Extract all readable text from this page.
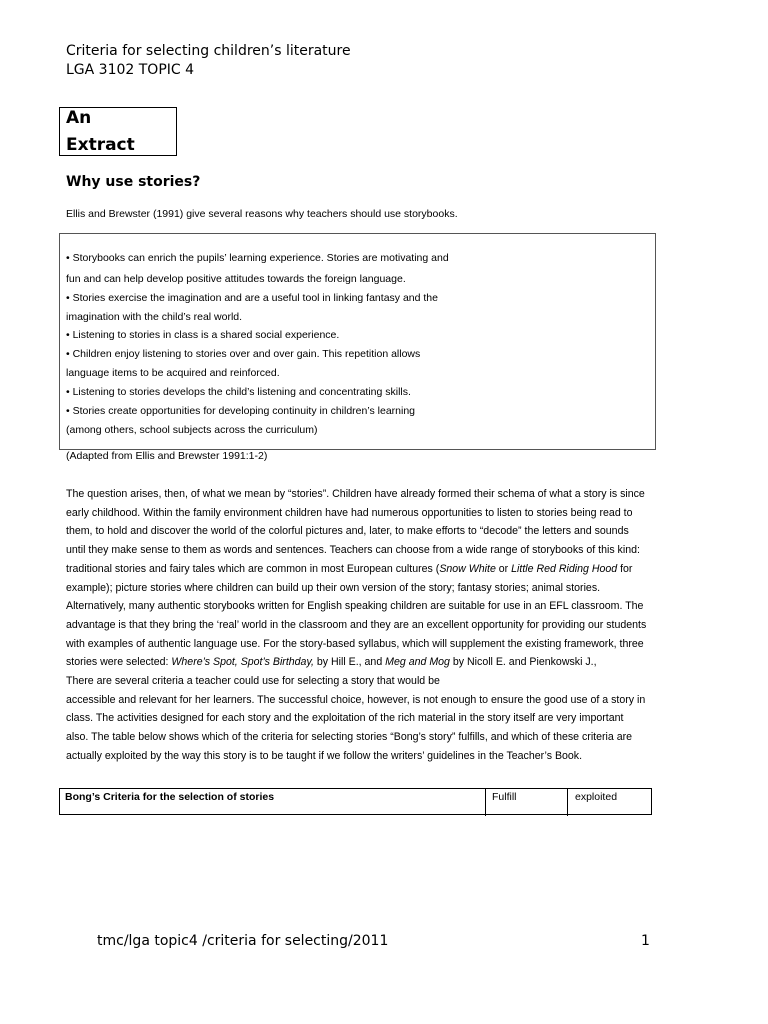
Criteria for selecting children’s literature
LGA 3102 TOPIC 4
An
Extract
Why use stories?
Ellis and Brewster (1991) give several reasons why teachers should use storybooks.
• Storybooks can enrich the pupils’ learning experience. Stories are motivating and
fun and can help develop positive attitudes towards the foreign language.
• Stories exercise the imagination and are a useful tool in linking fantasy and the
imagination with the child’s real world.
• Listening to stories in class is a shared social experience.
• Children enjoy listening to stories over and over gain. This repetition allows
language items to be acquired and reinforced.
• Listening to stories develops the child’s listening and concentrating skills.
• Stories create opportunities for developing continuity in children’s learning
(among others, school subjects across the curriculum)
(Adapted from Ellis and Brewster 1991:1-2)
The question arises, then, of what we mean by “stories”. Children have already formed their schema of what a story is since
early childhood. Within the family environment children have had numerous opportunities to listen to stories being read to
them, to hold and discover the world of the colorful pictures and, later, to make efforts to “decode” the letters and sounds
until they make sense to them as words and sentences. Teachers can choose from a wide range of storybooks of this kind:
traditional stories and fairy tales which are common in most European cultures (Snow White or Little Red Riding Hood for
example); picture stories where children can build up their own version of the story; fantasy stories; animal stories.
Alternatively, many authentic storybooks written for English speaking children are suitable for use in an EFL classroom. The
advantage is that they bring the ‘real’ world in the classroom and they are an excellent opportunity for providing our students
with examples of authentic language use. For the story-based syllabus, which will supplement the existing framework, three
stories were selected: Where’s Spot, Spot’s Birthday, by Hill E., and Meg and Mog by Nicoll E. and Pienkowski J.,
There are several criteria a teacher could use for selecting a story that would be
accessible and relevant for her learners. The successful choice, however, is not enough to ensure the good use of a story in
class. The activities designed for each story and the exploitation of the rich material in the story itself are very important
also. The table below shows which of the criteria for selecting stories “Bong’s story” fulfills, and which of these criteria are
actually exploited by the way this story is to be taught if we follow the writers’ guidelines in the Teacher’s Book.
Bong’s Criteria for the selection of stories	Fulfill	exploited
tmc/lga topic4 /criteria for selecting/2011	1
